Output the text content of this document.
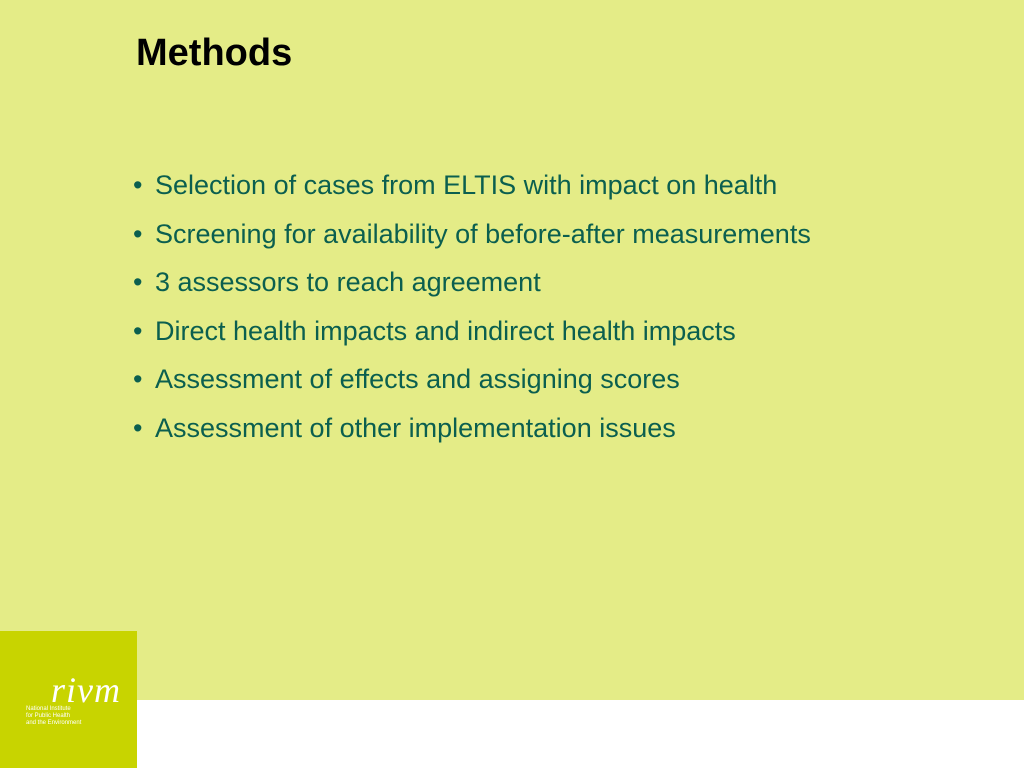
Methods
• Selection of cases from ELTIS with impact on health
• Screening for availability of before-after measurements
• 3 assessors to reach agreement
• Direct health impacts and indirect health impacts
• Assessment of effects and assigning scores
• Assessment of other implementation issues
rivm
National Institute
for Public Health
and the Environment
